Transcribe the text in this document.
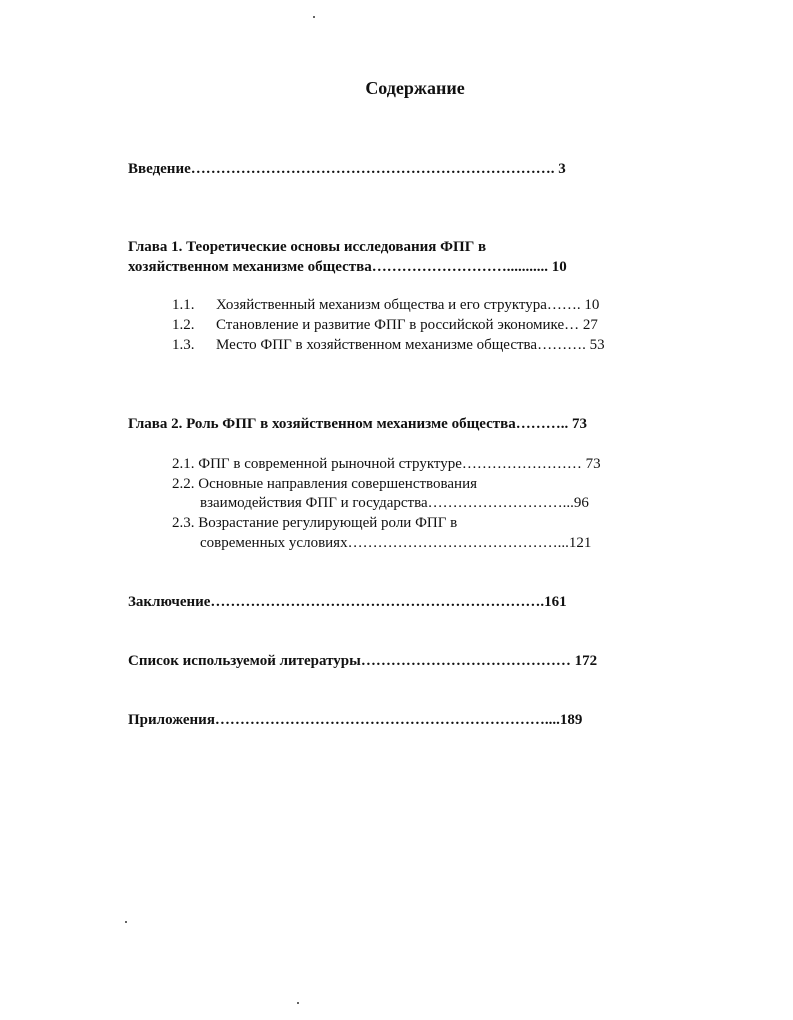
Содержание
Введение………………………………………………………………. 3
Глава 1. Теоретические основы исследования ФПГ в
хозяйственном механизме общества………………………........... 10
1.1. Хозяйственный механизм общества и его структура……. 10
1.2. Становление и развитие ФПГ в российской экономике… 27
1.3. Место ФПГ в хозяйственном механизме общества………. 53
Глава 2. Роль ФПГ в хозяйственном механизме общества……….. 73
2.1. ФПГ в современной рыночной структуре…………………… 73
2.2. Основные направления совершенствования
взаимодействия ФПГ и государства………………………...96
2.3. Возрастание регулирующей роли ФПГ в
современных условиях……………………………………...121
Заключение………………………………………………………….161
Список используемой литературы…………………………………… 172
Приложения…………………………………………………………....189
